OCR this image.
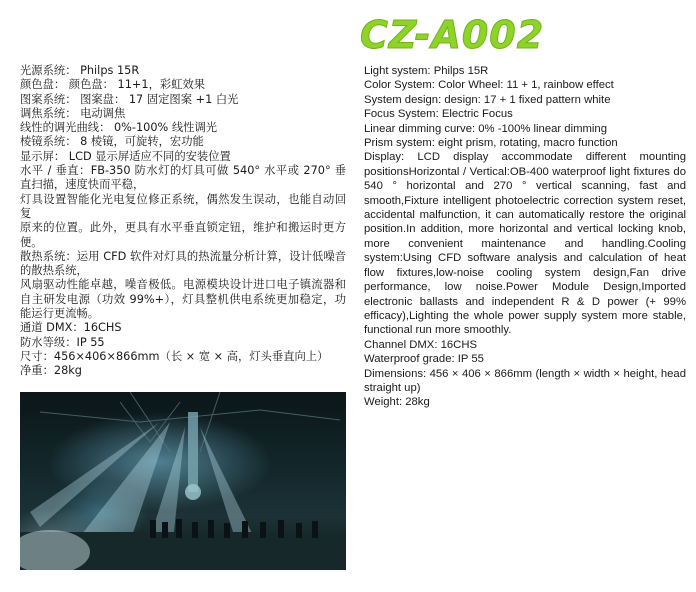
CZ-A002

光源系统： Philps 15R

颜色盘： 颜色盘： 11+1，彩虹效果

图案系统： 图案盘： 17 固定图案 +1 白光

调焦系统： 电动调焦

线性的调光曲线： 0%-100% 线性调光

棱镜系统： 8 棱镜，可旋转，宏功能

显示屏： LCD 显示屏适应不同的安装位置

水平 / 垂直：FB-350 防水灯的灯具可做 540° 水平或 270° 垂直扫描，速度快而平稳，

灯具设置智能化光电复位修正系统，偶然发生误动，也能自动回复

原来的位置。此外，更具有水平垂直锁定钮，维护和搬运时更方便。

散热系统：运用 CFD 软件对灯具的热流量分析计算，设计低噪音的散热系统，

风扇驱动性能卓越，噪音极低。电源模块设计进口电子镇流器和自主研发电源（功效 99%+），灯具整机供电系统更加稳定，功能运行更流畅。

通道 DMX：16CHS

防水等级：IP 55

尺寸：456×406×866mm（长 × 宽 × 高，灯头垂直向上）

净重：28kg

Light system: Philps 15R

Color System: Color Wheel: 11 + 1, rainbow effect

System design: design: 17 + 1 fixed pattern white

Focus System: Electric Focus

Linear dimming curve: 0% -100% linear dimming

Prism system: eight prism, rotating, macro function

Display: LCD display accommodate different mounting positionsHorizontal / Vertical:OB-400 waterproof light fixtures do 540 ° horizontal and 270 ° vertical scanning, fast and smooth,Fixture intelligent photoelectric correction system reset, accidental malfunction, it can automatically restore the original position.In addition, more horizontal and vertical locking knob, more convenient maintenance and handling.Cooling system:Using CFD software analysis and calculation of heat flow fixtures,low-noise cooling system design,Fan drive performance, low noise.Power Module Design,Imported electronic ballasts and independent R & D power (+ 99% efficacy),Lighting the whole power supply system more stable, functional run more smoothly.

Channel DMX: 16CHS

Waterproof grade: IP 55

Dimensions: 456 × 406 × 866mm (length × width × height, head straight up)

Weight: 28kg
